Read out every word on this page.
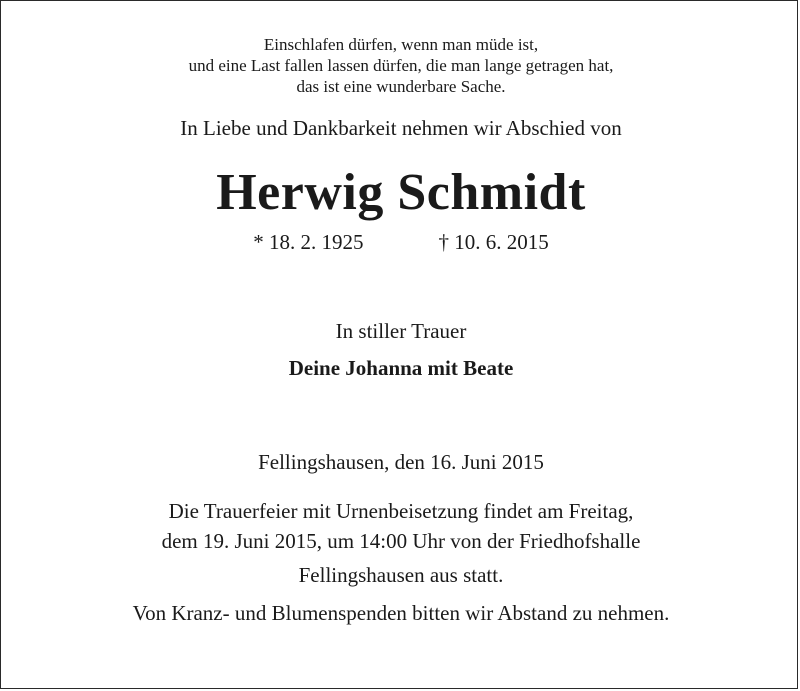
Einschlafen dürfen, wenn man müde ist,

und eine Last fallen lassen dürfen, die man lange getragen hat,

das ist eine wunderbare Sache.

In Liebe und Dankbarkeit nehmen wir Abschied von

Herwig Schmidt

* 18. 2. 1925	† 10. 6. 2015

In stiller Trauer

Deine Johanna mit Beate

Fellingshausen, den 16. Juni 2015

Die Trauerfeier mit Urnenbeisetzung findet am Freitag,

dem 19. Juni 2015, um 14:00 Uhr von der Friedhofshalle

Fellingshausen aus statt.

Von Kranz- und Blumenspenden bitten wir Abstand zu nehmen.
